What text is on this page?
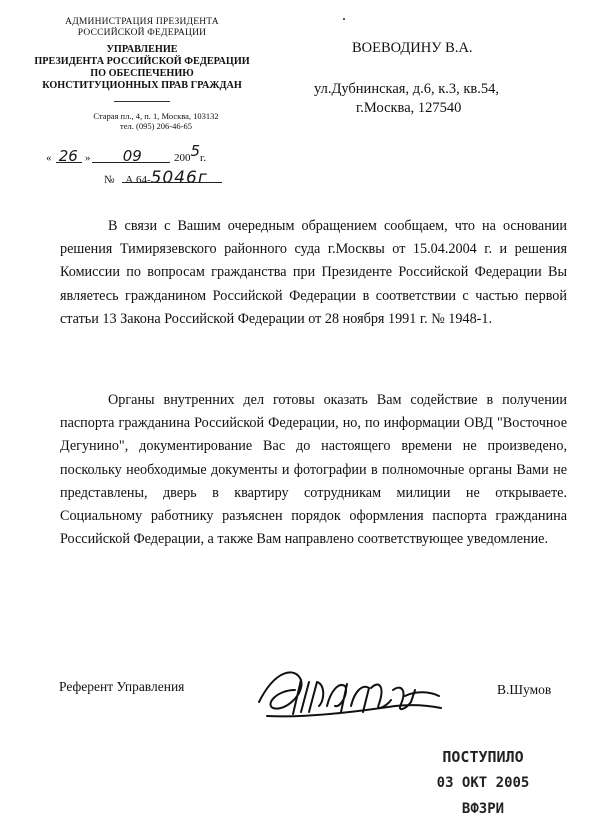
АДМИНИСТРАЦИЯ ПРЕЗИДЕНТА
РОССИЙСКОЙ ФЕДЕРАЦИИ
УПРАВЛЕНИЕ
ПРЕЗИДЕНТА РОССИЙСКОЙ ФЕДЕРАЦИИ
ПО ОБЕСПЕЧЕНИЮ
КОНСТИТУЦИОННЫХ ПРАВ ГРАЖДАН
Старая пл., 4, п. 1, Москва, 103132
тел. (095) 206-46-65
« 26 » 09	2005г.
№ А 64-5046г
ВОЕВОДИНУ В.А.
ул.Дубнинская, д.6, к.3, кв.54,
г.Москва, 127540
В связи с Вашим очередным обращением сообщаем, что на основании решения Тимирязевского районного суда г.Москвы от 15.04.2004 г. и решения Комиссии по вопросам гражданства при Президенте Российской Федерации Вы являетесь гражданином Российской Федерации в соответствии с частью первой статьи 13 Закона Российской Федерации от 28 ноября 1991 г. № 1948-1.
Органы внутренних дел готовы оказать Вам содействие в получении паспорта гражданина Российской Федерации, но, по информации ОВД "Восточное Дегунино", документирование Вас до настоящего времени не произведено, поскольку необходимые документы и фотографии в полномочные органы Вами не представлены, дверь в квартиру сотрудникам милиции не открываете. Социальному работнику разъяснен порядок оформления паспорта гражданина Российской Федерации, а также Вам направлено соответствующее уведомление.
Референт Управления	В.Шумов
ПОСТУПИЛО
03 ОКТ 2005
ВФЗРИ
